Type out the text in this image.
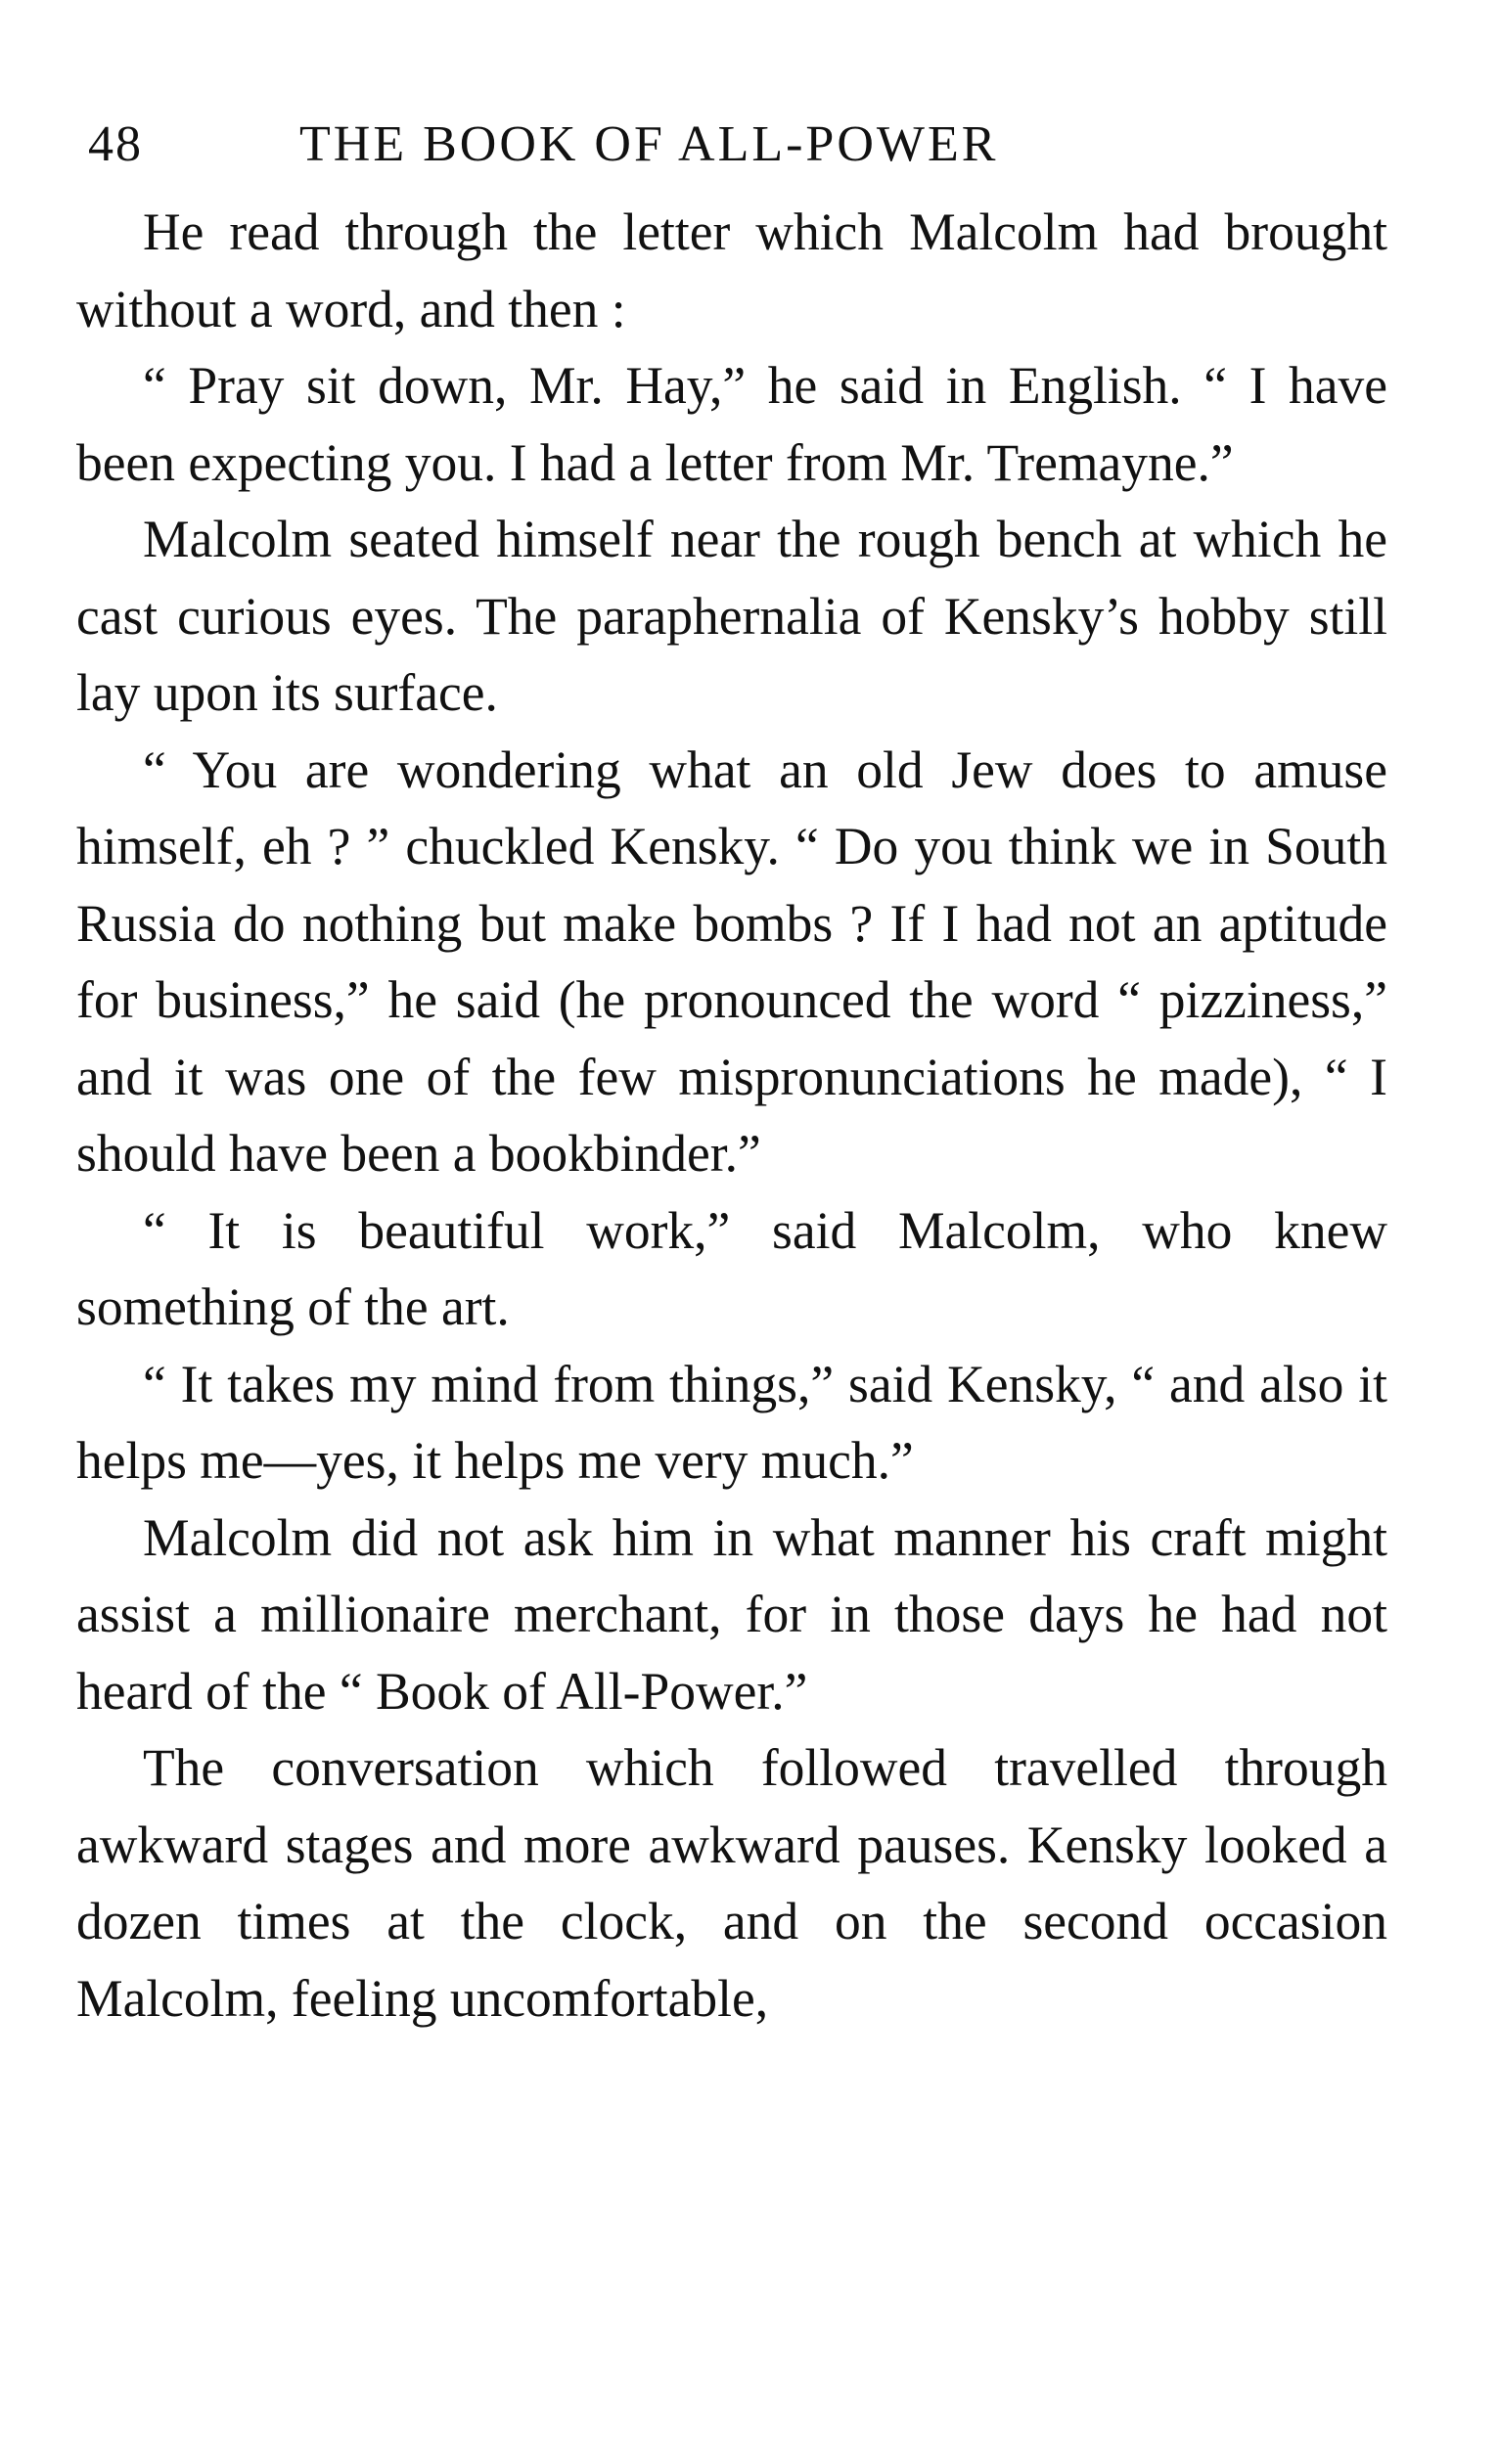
48	THE BOOK OF ALL-POWER

He read through the letter which Malcolm had brought without a word, and then :

“ Pray sit down, Mr. Hay,” he said in English. “ I have been expecting you. I had a letter from Mr. Tremayne.”

Malcolm seated himself near the rough bench at which he cast curious eyes. The paraphernalia of Kensky’s hobby still lay upon its surface.

“ You are wondering what an old Jew does to amuse himself, eh ? ” chuckled Kensky. “ Do you think we in South Russia do nothing but make bombs ? If I had not an aptitude for business,” he said (he pronounced the word “ pizziness,” and it was one of the few mispronunciations he made), “ I should have been a bookbinder.”

“ It is beautiful work,” said Malcolm, who knew something of the art.

“ It takes my mind from things,” said Kensky, “ and also it helps me—yes, it helps me very much.”

Malcolm did not ask him in what manner his craft might assist a millionaire merchant, for in those days he had not heard of the “ Book of All-Power.”

The conversation which followed travelled through awkward stages and more awkward pauses. Kensky looked a dozen times at the clock, and on the second occasion Malcolm, feeling uncomfortable,
